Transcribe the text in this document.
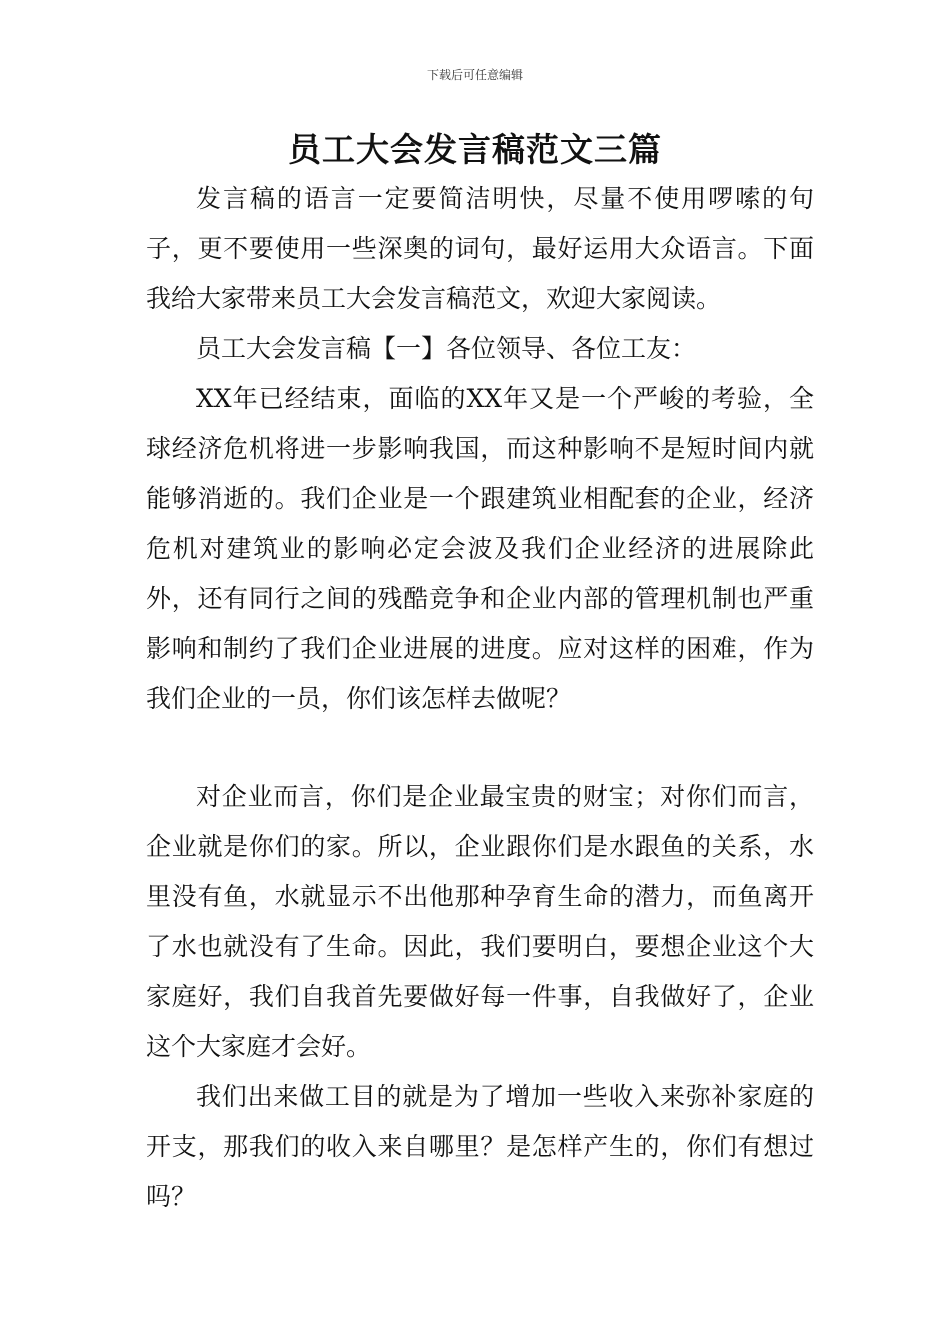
下载后可任意编辑
员工大会发言稿范文三篇

发言稿的语言一定要简洁明快，尽量不使用啰嗦的句子，更不要使用一些深奥的词句，最好运用大众语言。下面我给大家带来员工大会发言稿范文，欢迎大家阅读。

员工大会发言稿【一】各位领导、各位工友：

XX年已经结束，面临的XX年又是一个严峻的考验，全球经济危机将进一步影响我国，而这种影响不是短时间内就能够消逝的。我们企业是一个跟建筑业相配套的企业，经济危机对建筑业的影响必定会波及我们企业经济的进展除此外，还有同行之间的残酷竞争和企业内部的管理机制也严重影响和制约了我们企业进展的进度。应对这样的困难，作为我们企业的一员，你们该怎样去做呢？

对企业而言，你们是企业最宝贵的财宝；对你们而言，企业就是你们的家。所以，企业跟你们是水跟鱼的关系，水里没有鱼，水就显示不出他那种孕育生命的潜力，而鱼离开了水也就没有了生命。因此，我们要明白，要想企业这个大家庭好，我们自我首先要做好每一件事，自我做好了，企业这个大家庭才会好。

我们出来做工目的就是为了增加一些收入来弥补家庭的开支，那我们的收入来自哪里？是怎样产生的，你们有想过吗？
